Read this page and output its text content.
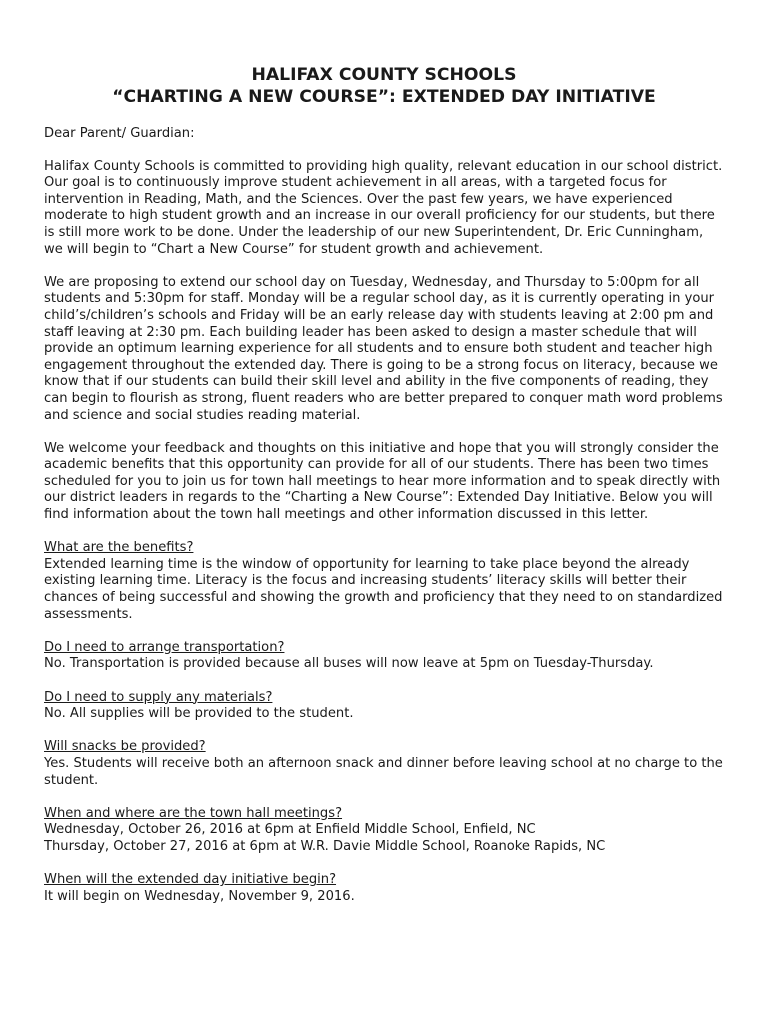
HALIFAX COUNTY SCHOOLS

“CHARTING A NEW COURSE”: EXTENDED DAY INITIATIVE

Dear Parent/ Guardian:

Halifax County Schools is committed to providing high quality, relevant education in our school district. Our goal is to continuously improve student achievement in all areas, with a targeted focus for intervention in Reading, Math, and the Sciences. Over the past few years, we have experienced moderate to high student growth and an increase in our overall proficiency for our students, but there is still more work to be done. Under the leadership of our new Superintendent, Dr. Eric Cunningham, we will begin to “Chart a New Course” for student growth and achievement.

We are proposing to extend our school day on Tuesday, Wednesday, and Thursday to 5:00pm for all students and 5:30pm for staff. Monday will be a regular school day, as it is currently operating in your child’s/children’s schools and Friday will be an early release day with students leaving at 2:00 pm and staff leaving at 2:30 pm. Each building leader has been asked to design a master schedule that will provide an optimum learning experience for all students and to ensure both student and teacher high engagement throughout the extended day. There is going to be a strong focus on literacy, because we know that if our students can build their skill level and ability in the five components of reading, they can begin to flourish as strong, fluent readers who are better prepared to conquer math word problems and science and social studies reading material.

We welcome your feedback and thoughts on this initiative and hope that you will strongly consider the academic benefits that this opportunity can provide for all of our students. There has been two times scheduled for you to join us for town hall meetings to hear more information and to speak directly with our district leaders in regards to the “Charting a New Course”: Extended Day Initiative. Below you will find information about the town hall meetings and other information discussed in this letter.

What are the benefits?

Extended learning time is the window of opportunity for learning to take place beyond the already existing learning time. Literacy is the focus and increasing students’ literacy skills will better their chances of being successful and showing the growth and proficiency that they need to on standardized assessments.

Do I need to arrange transportation?

No. Transportation is provided because all buses will now leave at 5pm on Tuesday-Thursday.

Do I need to supply any materials?

No. All supplies will be provided to the student.

Will snacks be provided?

Yes. Students will receive both an afternoon snack and dinner before leaving school at no charge to the student.

When and where are the town hall meetings?

Wednesday, October 26, 2016 at 6pm at Enfield Middle School, Enfield, NC

Thursday, October 27, 2016 at 6pm at W.R. Davie Middle School, Roanoke Rapids, NC

When will the extended day initiative begin?

It will begin on Wednesday, November 9, 2016.
